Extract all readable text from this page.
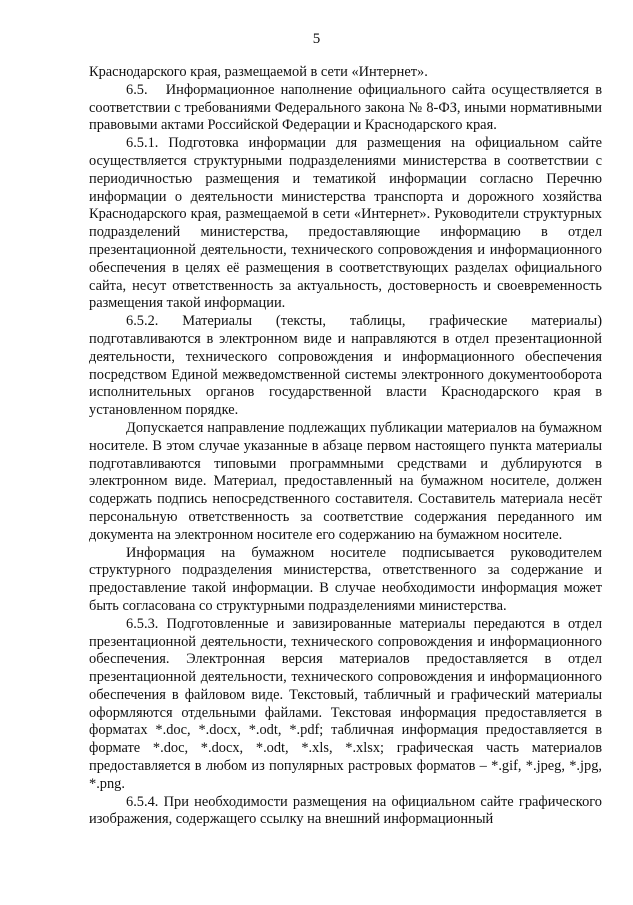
5

Краснодарского края, размещаемой в сети «Интернет».

6.5.   Информационное наполнение официального сайта осуществляется в соответствии с требованиями Федерального закона № 8-ФЗ, иными нормативными правовыми актами Российской Федерации и Краснодарского края.

6.5.1. Подготовка информации для размещения на официальном сайте осуществляется структурными подразделениями министерства в соответствии с периодичностью размещения и тематикой информации согласно Перечню информации о деятельности министерства транспорта и дорожного хозяйства Краснодарского края, размещаемой в сети «Интернет». Руководители структурных подразделений министерства, предоставляющие информацию в отдел презентационной деятельности, технического сопровождения и информационного обеспечения в целях её размещения в соответствующих разделах официального сайта, несут ответственность за актуальность, достоверность и своевременность размещения такой информации.

6.5.2. Материалы (тексты, таблицы, графические материалы) подготавливаются в электронном виде и направляются в отдел презентационной деятельности, технического сопровождения и информационного обеспечения посредством Единой межведомственной системы электронного документооборота исполнительных органов государственной власти Краснодарского края в установленном порядке.

Допускается направление подлежащих публикации материалов на бумажном носителе. В этом случае указанные в абзаце первом настоящего пункта материалы подготавливаются типовыми программными средствами и дублируются в электронном виде. Материал, предоставленный на бумажном носителе, должен содержать подпись непосредственного составителя. Составитель материала несёт персональную ответственность за соответствие содержания переданного им документа на электронном носителе его содержанию на бумажном носителе.

Информация на бумажном носителе подписывается руководителем структурного подразделения министерства, ответственного за содержание и предоставление такой информации. В случае необходимости информация может быть согласована со структурными подразделениями министерства.

6.5.3. Подготовленные и завизированные материалы передаются в отдел презентационной деятельности, технического сопровождения и информационного обеспечения. Электронная версия материалов предоставляется в отдел презентационной деятельности, технического сопровождения и информационного обеспечения в файловом виде. Текстовый, табличный и графический материалы оформляются отдельными файлами. Текстовая информация предоставляется в форматах *.doc, *.docx, *.odt, *.pdf; табличная информация предоставляется в формате *.doc, *.docx, *.odt, *.xls, *.xlsx; графическая часть материалов предоставляется в любом из популярных растровых форматов – *.gif, *.jpeg, *.jpg, *.png.

6.5.4. При необходимости размещения на официальном сайте графического изображения, содержащего ссылку на внешний информационный
